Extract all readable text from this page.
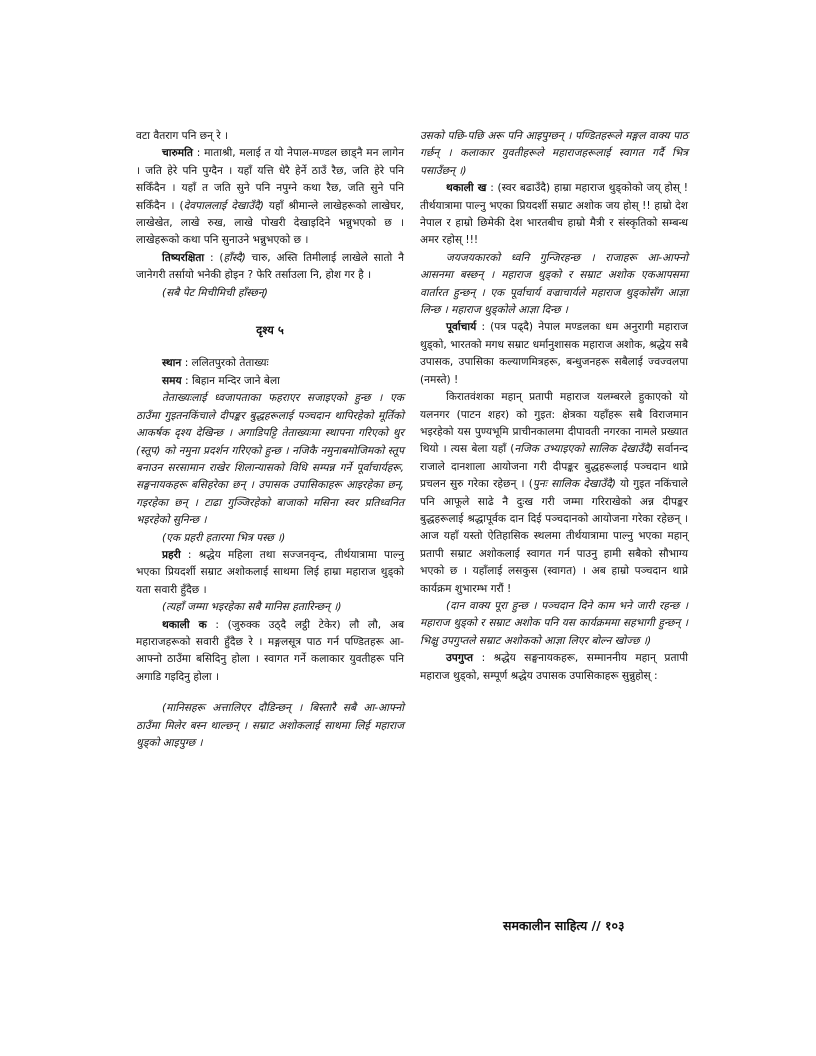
वटा वैतराग पनि छन् रे ।

चारुमति : माताश्री, मलाई त यो नेपाल-मण्डल छाड्नै मन लागेन । जति हेरे पनि पुग्दैन । यहाँ यत्ति धेरै हेर्ने ठाउँ रैछ, जति हेरे पनि सकिँदैन । यहाँ त जति सुने पनि नपुग्ने कथा रैछ, जति सुने पनि सकिँदैन । (देवपाललाई देखाउँदै) यहाँ श्रीमान्ले लाखेहरूको लाखेघर, लाखेखेत, लाखे रुख, लाखे पोखरी देखाइदिने भन्नुभएको छ । लाखेहरूको कथा पनि सुनाउने भन्नुभएको छ ।

तिष्यरक्षिता : (हाँस्दै) चारु, अस्ति तिमीलाई लाखेले सातो नै जानेगरी तर्सायो भनेकी होइन ? फेरि तर्साउला नि, होश गर है ।

(सबै पेट मिचीमिची हाँस्छन्)

दृश्य ५

स्थान : ललितपुरको तेताख्यः

समय : बिहान मन्दिर जाने बेला

तेताख्यःलाई ध्वजापताका फहराएर सजाइएको हुन्छ । एक ठाउँमा गुइतनकिंचाले दीपङ्कर बुद्धहरूलाई पञ्चदान थापिरहेको मूर्तिको आकर्षक दृश्य देखिन्छ । अगाडिपट्टि तेताख्यःमा स्थापना गरिएको थुर (स्तूप) को नमुना प्रदर्शन गरिएको हुन्छ । नजिकै नमुनाबमोजिमको स्तूप बनाउन सरसामान राखेर शिलान्यासको विधि सम्पन्न गर्ने पूर्वाचार्यहरू, सङ्घनायकहरू बसिहरेका छन् । उपासक उपासिकाहरू आइरहेका छन्, गइरहेका छन् । टाढा गुञ्जिरहेको बाजाको मसिना स्वर प्रतिध्वनित भइरहेको सुनिन्छ ।

(एक प्रहरी हतारमा भित्र पस्छ ।)

प्रहरी : श्रद्धेय महिला तथा सज्जनवृन्द, तीर्थयात्रामा पाल्नु भएका प्रियदर्शी सम्राट अशोकलाई साथमा लिई हाम्रा महाराज थुड्को यता सवारी हुँदैछ ।

(त्यहाँ जम्मा भइरहेका सबै मानिस हतारिन्छन् ।)

थकाली क : (जुरुक्क उठ्दै लट्ठी टेकेर) लौ लौ, अब महाराजहरूको सवारी हुँदैछ रे । मङ्गलसूत्र पाठ गर्न पण्डितहरू आ-आफ्नो ठाउँमा बसिदिनु होला । स्वागत गर्ने कलाकार युवतीहरू पनि अगाडि गइदिनु होला ।

(मानिसहरू अत्तालिएर दौडिन्छन् । बिस्तारै सबै आ-आफ्नो ठाउँमा मिलेर बस्न थाल्छन् । सम्राट अशोकलाई साथमा लिई महाराज थुड्को आइपुग्छ ।

उसको पछि-पछि अरू पनि आइपुग्छन् । पण्डितहरूले मङ्गल वाक्य पाठ गर्छन् । कलाकार युवतीहरूले महाराजहरूलाई स्वागत गर्दै भित्र पसाउँछन् ।)

थकाली ख : (स्वर बढाउँदै) हाम्रा महाराज थुड्कोको जय् होस् ! तीर्थयात्रामा पाल्नु भएका प्रियदर्शी सम्राट अशोक जय होस् !! हाम्रो देश नेपाल र हाम्रो छिमेकी देश भारतबीच हाम्रो मैत्री र संस्कृतिको सम्बन्ध अमर रहोस् !!!

जयजयकारको ध्वनि गुन्जिरहन्छ । राजाहरू आ-आफ्नो आसनमा बस्छन् । महाराज थुड्को र सम्राट अशोक एकआपसमा वार्तारत हुन्छन् । एक पूर्वाचार्य वज्राचार्यले महाराज थुड्कोसँग आज्ञा लिन्छ । महाराज थुड्कोले आज्ञा दिन्छ ।

पूर्वाचार्य : (पत्र पढ्दै) नेपाल मण्डलका धम अनुरागी महाराज थुड्को, भारतको मगध सम्राट धर्मानुशासक महाराज अशोक, श्रद्धेय सबै उपासक, उपासिका कल्याणमित्रहरू, बन्धुजनहरू सबैलाई ज्वज्वलपा (नमस्ते) !

किरातवंशका महान् प्रतापी महाराज यलम्बरले हुकाएको यो यलनगर (पाटन शहर) को गुइत: क्षेत्रका यहाँहरू सबै विराजमान भइरहेको यस पुण्यभूमि प्राचीनकालमा दीपावती नगरका नामले प्रख्यात थियो । त्यस बेला यहाँ (नजिक उभ्याइएको सालिक देखाउँदै) सर्वानन्द राजाले दानशाला आयोजना गरी दीपङ्कर बुद्धहरूलाई पञ्चदान थाप्ने प्रचलन सुरु गरेका रहेछन् । (पुनः सालिक देखाउँदै) यो गुइत नकिंचाले पनि आफूले साढे नै दुःख गरी जम्मा गरिराखेको अन्न दीपङ्कर बुद्धहरूलाई श्रद्धापूर्वक दान दिई पञ्चदानको आयोजना गरेका रहेछन् । आज यहाँ यस्तो ऐतिहासिक स्थलमा तीर्थयात्रामा पाल्नु भएका महान् प्रतापी सम्राट अशोकलाई स्वागत गर्न पाउनु हामी सबैको सौभाग्य भएको छ । यहाँलाई लसकुस (स्वागत) । अब हाम्रो पञ्चदान थाप्ने कार्यक्रम शुभारम्भ गरौं !

(दान वाक्य पूरा हुन्छ । पञ्चदान दिने काम भने जारी रहन्छ । महाराज थुड्को र सम्राट अशोक पनि यस कार्यक्रममा सहभागी हुन्छन् । भिक्षु उपगुप्तले सम्राट अशोकको आज्ञा लिएर बोल्न खोज्छ ।)

उपगुप्त : श्रद्धेय सङ्घनायकहरू, सम्माननीय महान् प्रतापी महाराज थुड्को, सम्पूर्ण श्रद्धेय उपासक उपासिकाहरू सुन्नुहोस् :

समकालीन साहित्य // १०३
